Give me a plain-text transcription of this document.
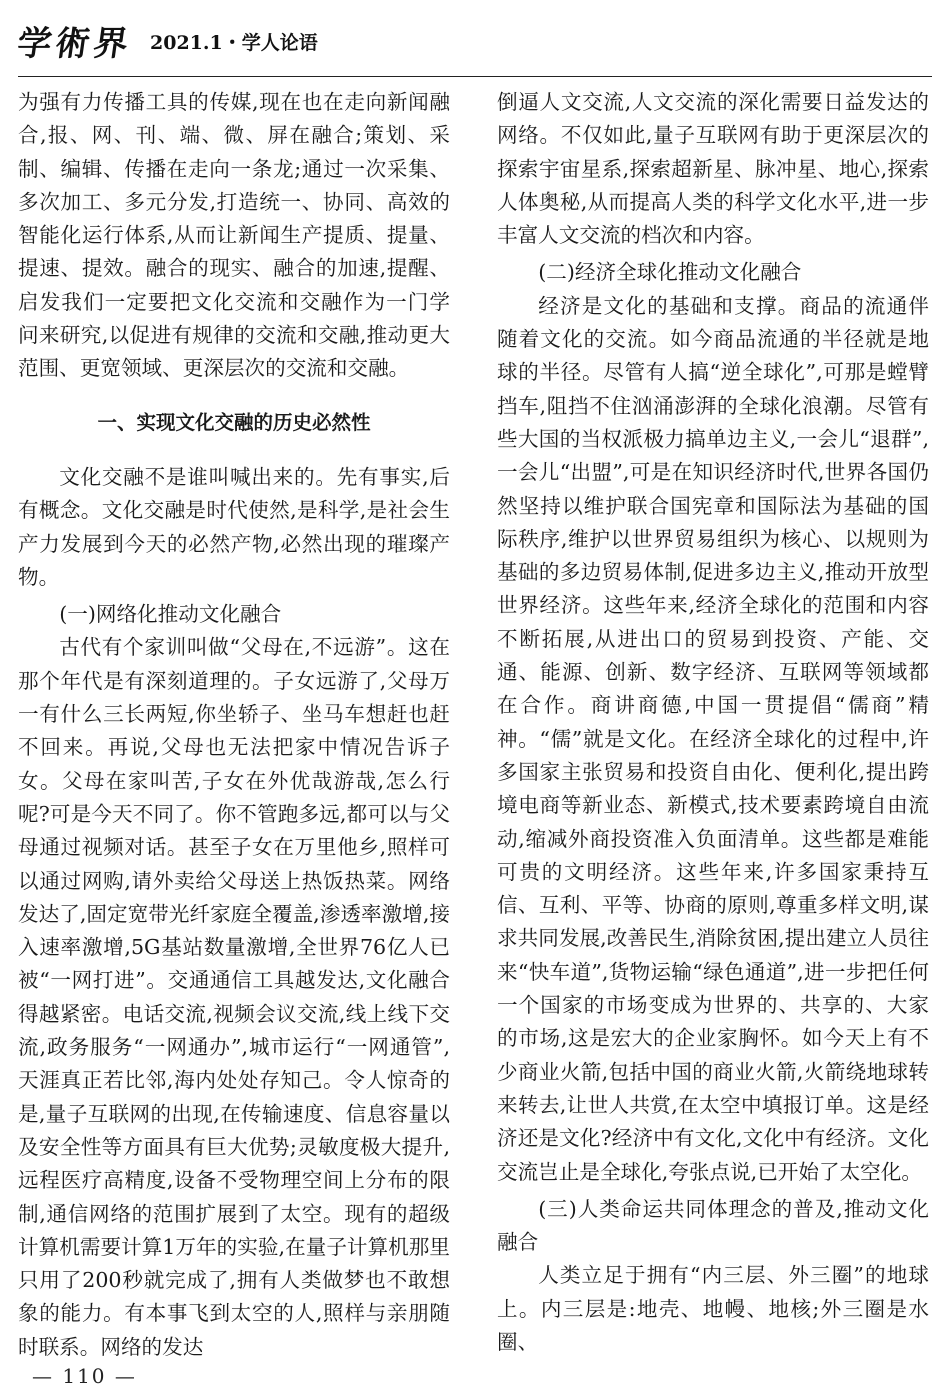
学術界 2021.1・学人论语

为强有力传播工具的传媒,现在也在走向新闻融合,报、网、刊、端、微、屏在融合;策划、采制、编辑、传播在走向一条龙;通过一次采集、多次加工、多元分发,打造统一、协同、高效的智能化运行体系,从而让新闻生产提质、提量、提速、提效。融合的现实、融合的加速,提醒、启发我们一定要把文化交流和交融作为一门学问来研究,以促进有规律的交流和交融,推动更大范围、更宽领域、更深层次的交流和交融。

一、实现文化交融的历史必然性

文化交融不是谁叫喊出来的。先有事实,后有概念。文化交融是时代使然,是科学,是社会生产力发展到今天的必然产物,必然出现的璀璨产物。

(一)网络化推动文化融合

古代有个家训叫做“父母在,不远游”。这在那个年代是有深刻道理的。子女远游了,父母万一有什么三长两短,你坐轿子、坐马车想赶也赶不回来。再说,父母也无法把家中情况告诉子女。父母在家叫苦,子女在外优哉游哉,怎么行呢?可是今天不同了。你不管跑多远,都可以与父母通过视频对话。甚至子女在万里他乡,照样可以通过网购,请外卖给父母送上热饭热菜。网络发达了,固定宽带光纤家庭全覆盖,渗透率激增,接入速率激增,5G基站数量激增,全世界76亿人已被“一网打进”。交通通信工具越发达,文化融合得越紧密。电话交流,视频会议交流,线上线下交流,政务服务“一网通办”,城市运行“一网通管”,天涯真正若比邻,海内处处存知己。令人惊奇的是,量子互联网的出现,在传输速度、信息容量以及安全性等方面具有巨大优势;灵敏度极大提升,远程医疗高精度,设备不受物理空间上分布的限制,通信网络的范围扩展到了太空。现有的超级计算机需要计算1万年的实验,在量子计算机那里只用了200秒就完成了,拥有人类做梦也不敢想象的能力。有本事飞到太空的人,照样与亲朋随时联系。网络的发达

倒逼人文交流,人文交流的深化需要日益发达的网络。不仅如此,量子互联网有助于更深层次的探索宇宙星系,探索超新星、脉冲星、地心,探索人体奥秘,从而提高人类的科学文化水平,进一步丰富人文交流的档次和内容。

(二)经济全球化推动文化融合

经济是文化的基础和支撑。商品的流通伴随着文化的交流。如今商品流通的半径就是地球的半径。尽管有人搞“逆全球化”,可那是螳臂挡车,阻挡不住汹涌澎湃的全球化浪潮。尽管有些大国的当权派极力搞单边主义,一会儿“退群”,一会儿“出盟”,可是在知识经济时代,世界各国仍然坚持以维护联合国宪章和国际法为基础的国际秩序,维护以世界贸易组织为核心、以规则为基础的多边贸易体制,促进多边主义,推动开放型世界经济。这些年来,经济全球化的范围和内容不断拓展,从进出口的贸易到投资、产能、交通、能源、创新、数字经济、互联网等领域都在合作。商讲商德,中国一贯提倡“儒商”精神。“儒”就是文化。在经济全球化的过程中,许多国家主张贸易和投资自由化、便利化,提出跨境电商等新业态、新模式,技术要素跨境自由流动,缩减外商投资准入负面清单。这些都是难能可贵的文明经济。这些年来,许多国家秉持互信、互利、平等、协商的原则,尊重多样文明,谋求共同发展,改善民生,消除贫困,提出建立人员往来“快车道”,货物运输“绿色通道”,进一步把任何一个国家的市场变成为世界的、共享的、大家的市场,这是宏大的企业家胸怀。如今天上有不少商业火箭,包括中国的商业火箭,火箭绕地球转来转去,让世人共赏,在太空中填报订单。这是经济还是文化?经济中有文化,文化中有经济。文化交流岂止是全球化,夸张点说,已开始了太空化。

(三)人类命运共同体理念的普及,推动文化融合

人类立足于拥有“内三层、外三圈”的地球上。内三层是:地壳、地幔、地核;外三圈是水圈、

— 110 —
